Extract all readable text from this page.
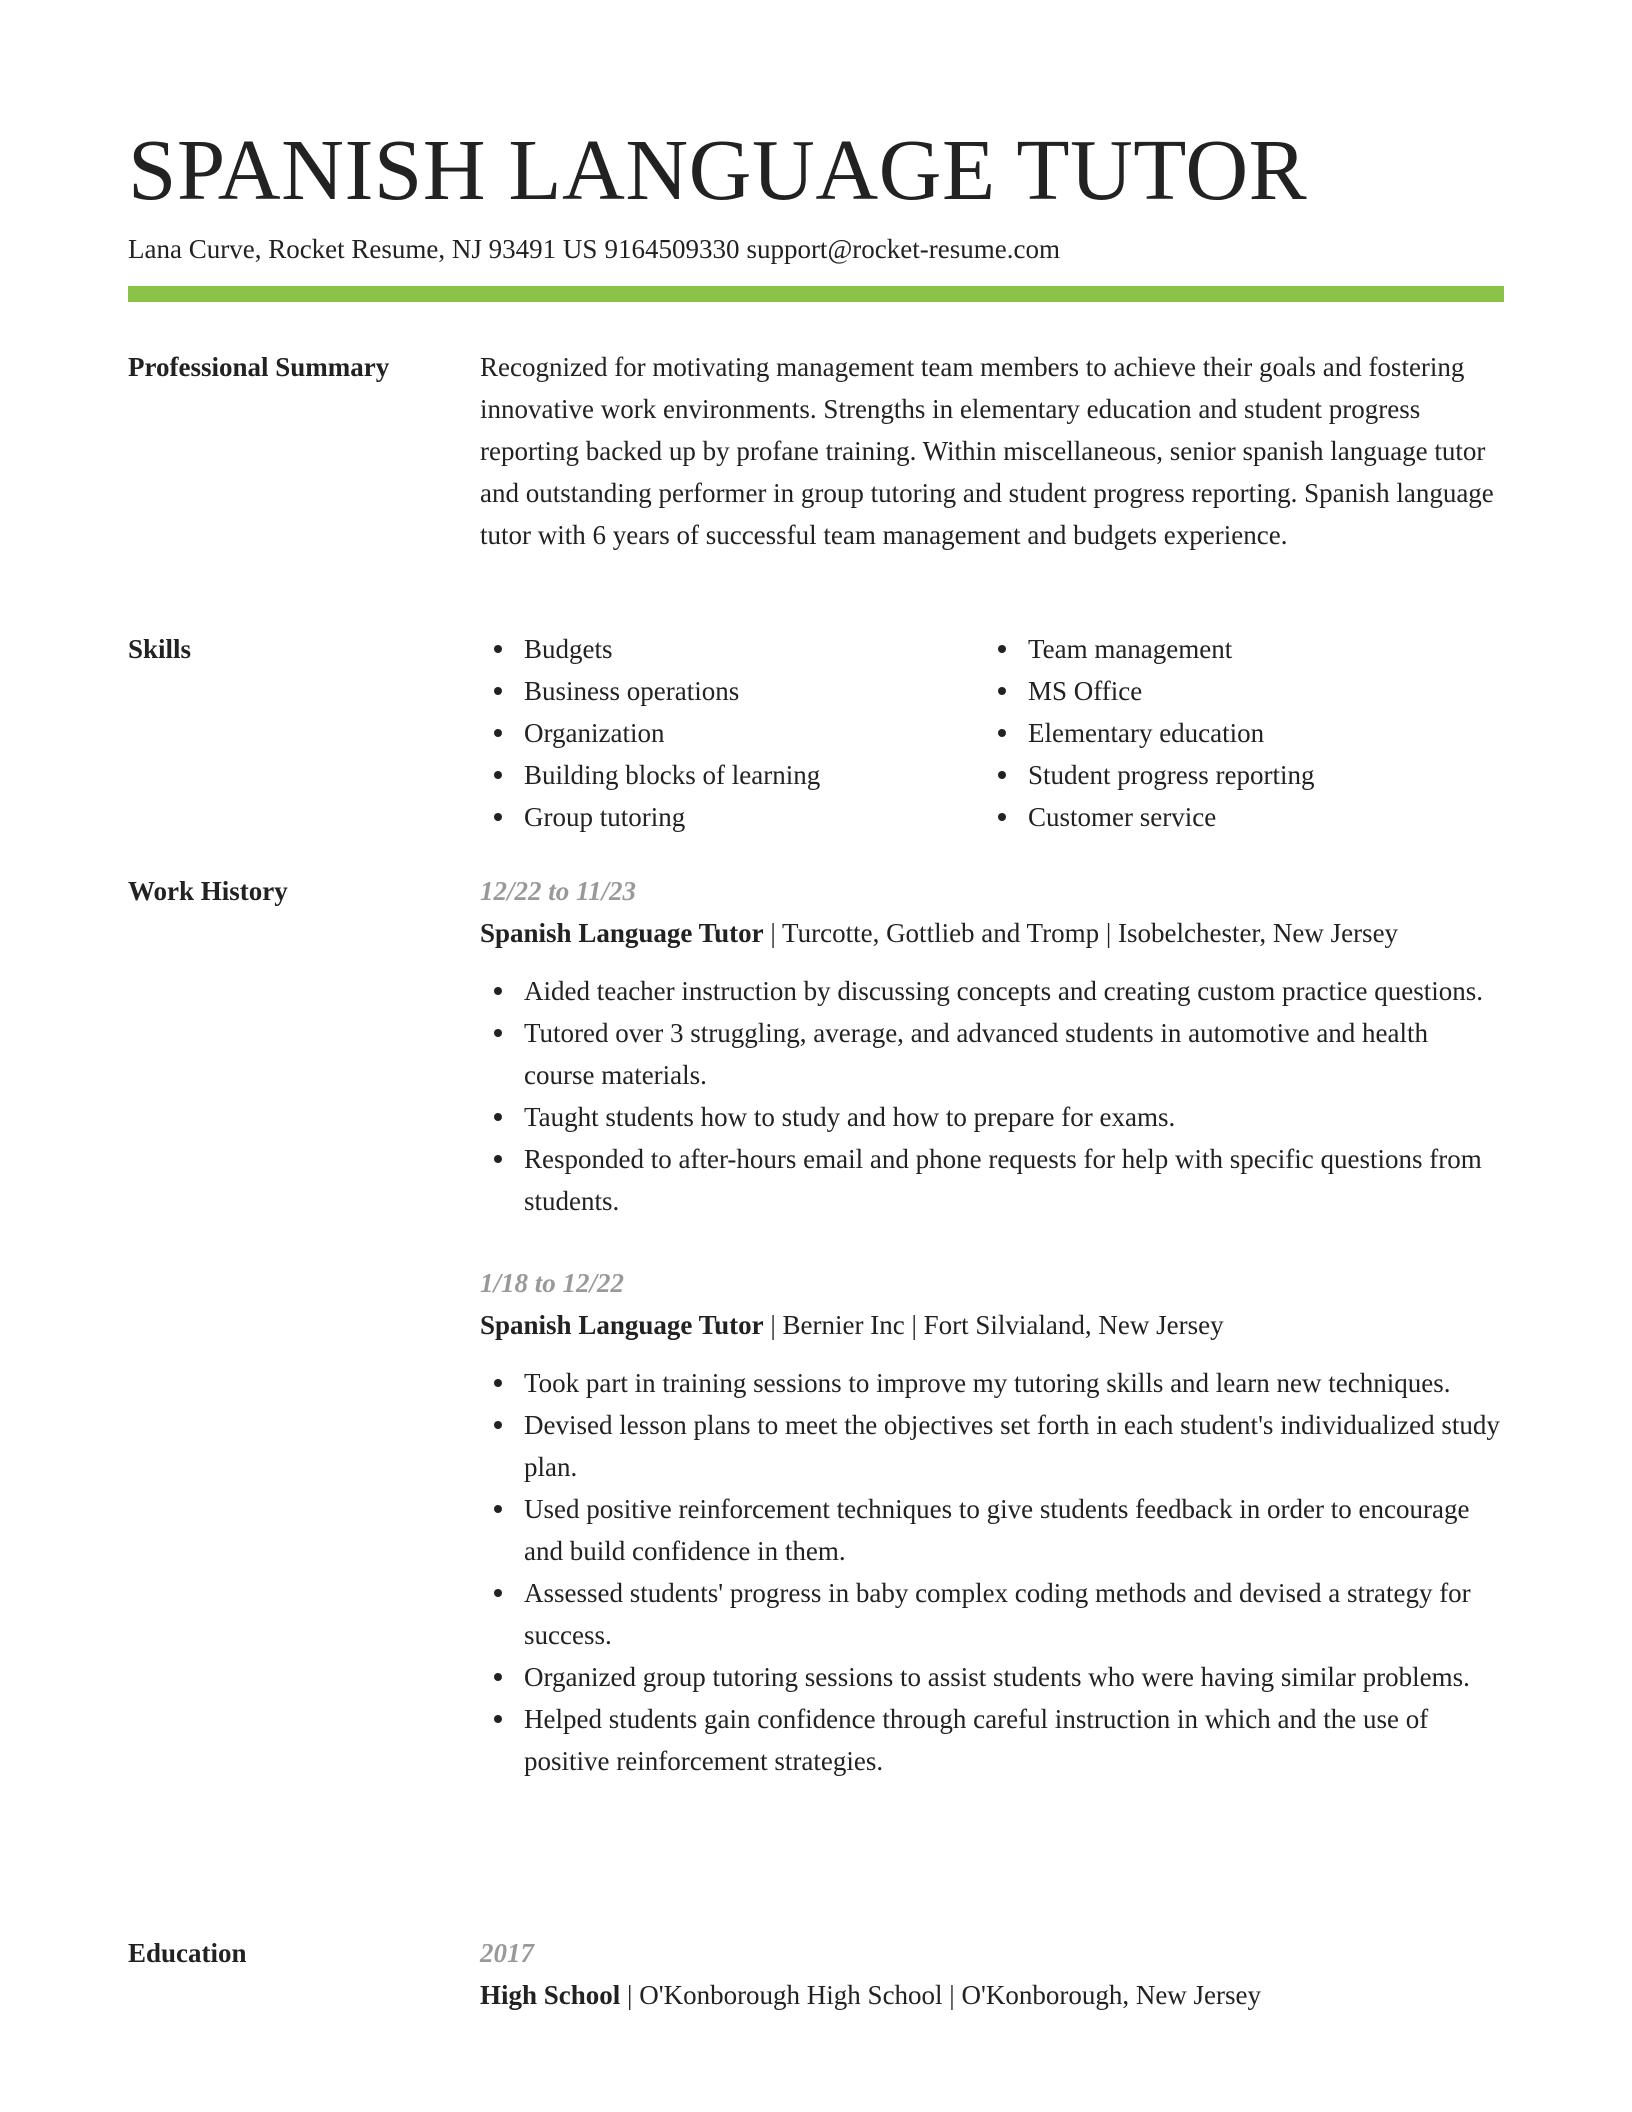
SPANISH LANGUAGE TUTOR
Lana Curve, Rocket Resume, NJ 93491 US 9164509330 support@rocket-resume.com
Professional Summary	Recognized for motivating management team members to achieve their goals and fostering innovative work environments. Strengths in elementary education and student progress reporting backed up by profane training. Within miscellaneous, senior spanish language tutor and outstanding performer in group tutoring and student progress reporting. Spanish language tutor with 6 years of successful team management and budgets experience.

Skills	Budgets
Business operations
Organization
Building blocks of learning
Group tutoring
Team management
MS Office
Elementary education
Student progress reporting
Customer service
Work History	12/22 to 11/23
Spanish Language Tutor | Turcotte, Gottlieb and Tromp | Isobelchester, New Jersey
Aided teacher instruction by discussing concepts and creating custom practice questions.
Tutored over 3 struggling, average, and advanced students in automotive and health course materials.
Taught students how to study and how to prepare for exams.
Responded to after-hours email and phone requests for help with specific questions from students.
1/18 to 12/22
Spanish Language Tutor | Bernier Inc | Fort Silvialand, New Jersey
Took part in training sessions to improve my tutoring skills and learn new techniques.
Devised lesson plans to meet the objectives set forth in each student's individualized study plan.
Used positive reinforcement techniques to give students feedback in order to encourage and build confidence in them.
Assessed students' progress in baby complex coding methods and devised a strategy for success.
Organized group tutoring sessions to assist students who were having similar problems.
Helped students gain confidence through careful instruction in which and the use of positive reinforcement strategies.
Education	2017
High School | O'Konborough High School | O'Konborough, New Jersey
